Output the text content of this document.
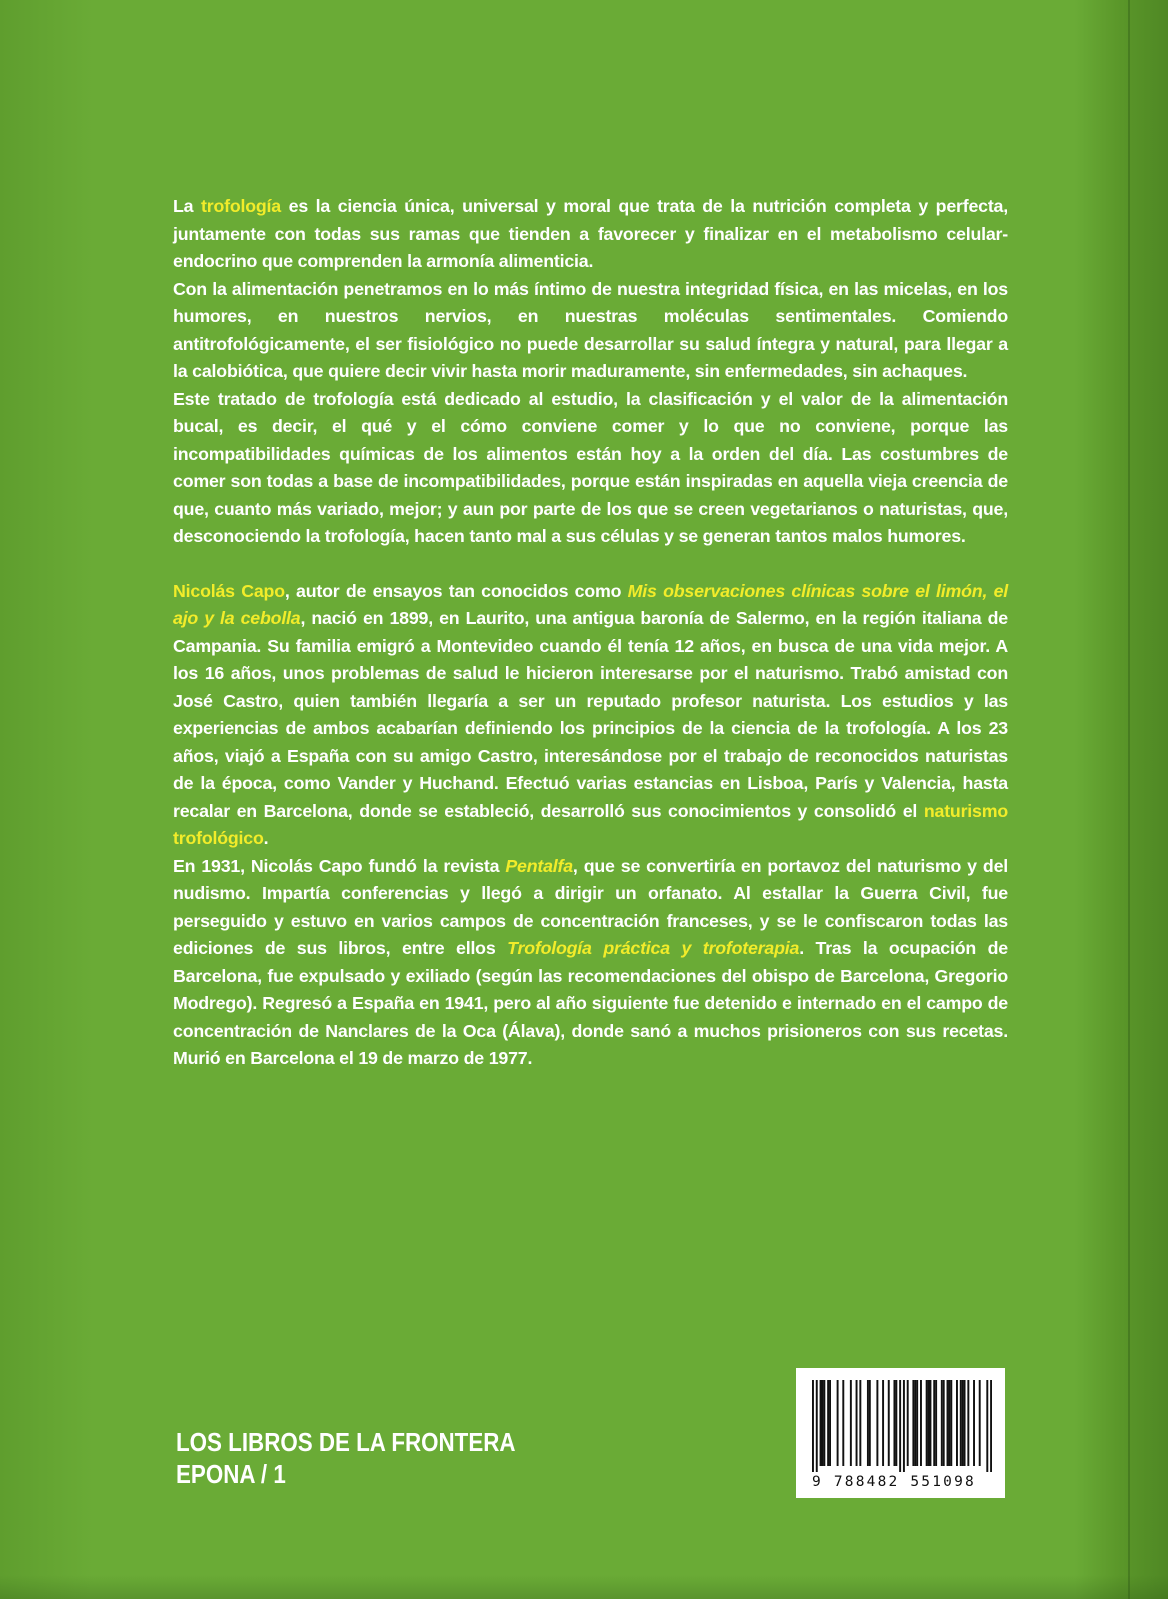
La trofología es la ciencia única, universal y moral que trata de la nutrición completa y perfecta, juntamente con todas sus ramas que tienden a favorecer y finalizar en el metabolismo celular-endocrino que comprenden la armonía alimenticia.

Con la alimentación penetramos en lo más íntimo de nuestra integridad física, en las micelas, en los humores, en nuestros nervios, en nuestras moléculas sentimentales. Comiendo antitrofológicamente, el ser fisiológico no puede desarrollar su salud íntegra y natural, para llegar a la calobiótica, que quiere decir vivir hasta morir maduramente, sin enfermedades, sin achaques.

Este tratado de trofología está dedicado al estudio, la clasificación y el valor de la alimentación bucal, es decir, el qué y el cómo conviene comer y lo que no conviene, porque las incompatibilidades químicas de los alimentos están hoy a la orden del día. Las costumbres de comer son todas a base de incompatibilidades, porque están inspiradas en aquella vieja creencia de que, cuanto más variado, mejor; y aun por parte de los que se creen vegetarianos o naturistas, que, desconociendo la trofología, hacen tanto mal a sus células y se generan tantos malos humores.

Nicolás Capo, autor de ensayos tan conocidos como Mis observaciones clínicas sobre el limón, el ajo y la cebolla, nació en 1899, en Laurito, una antigua baronía de Salermo, en la región italiana de Campania. Su familia emigró a Montevideo cuando él tenía 12 años, en busca de una vida mejor. A los 16 años, unos problemas de salud le hicieron interesarse por el naturismo. Trabó amistad con José Castro, quien también llegaría a ser un reputado profesor naturista. Los estudios y las experiencias de ambos acabarían definiendo los principios de la ciencia de la trofología. A los 23 años, viajó a España con su amigo Castro, interesándose por el trabajo de reconocidos naturistas de la época, como Vander y Huchand. Efectuó varias estancias en Lisboa, París y Valencia, hasta recalar en Barcelona, donde se estableció, desarrolló sus conocimientos y consolidó el naturismo trofológico.

En 1931, Nicolás Capo fundó la revista Pentalfa, que se convertiría en portavoz del naturismo y del nudismo. Impartía conferencias y llegó a dirigir un orfanato. Al estallar la Guerra Civil, fue perseguido y estuvo en varios campos de concentración franceses, y se le confiscaron todas las ediciones de sus libros, entre ellos Trofología práctica y trofoterapia. Tras la ocupación de Barcelona, fue expulsado y exiliado (según las recomendaciones del obispo de Barcelona, Gregorio Modrego). Regresó a España en 1941, pero al año siguiente fue detenido e internado en el campo de concentración de Nanclares de la Oca (Álava), donde sanó a muchos prisioneros con sus recetas. Murió en Barcelona el 19 de marzo de 1977.

LOS LIBROS DE LA FRONTERA
EPONA / 1	9 788482 551098
